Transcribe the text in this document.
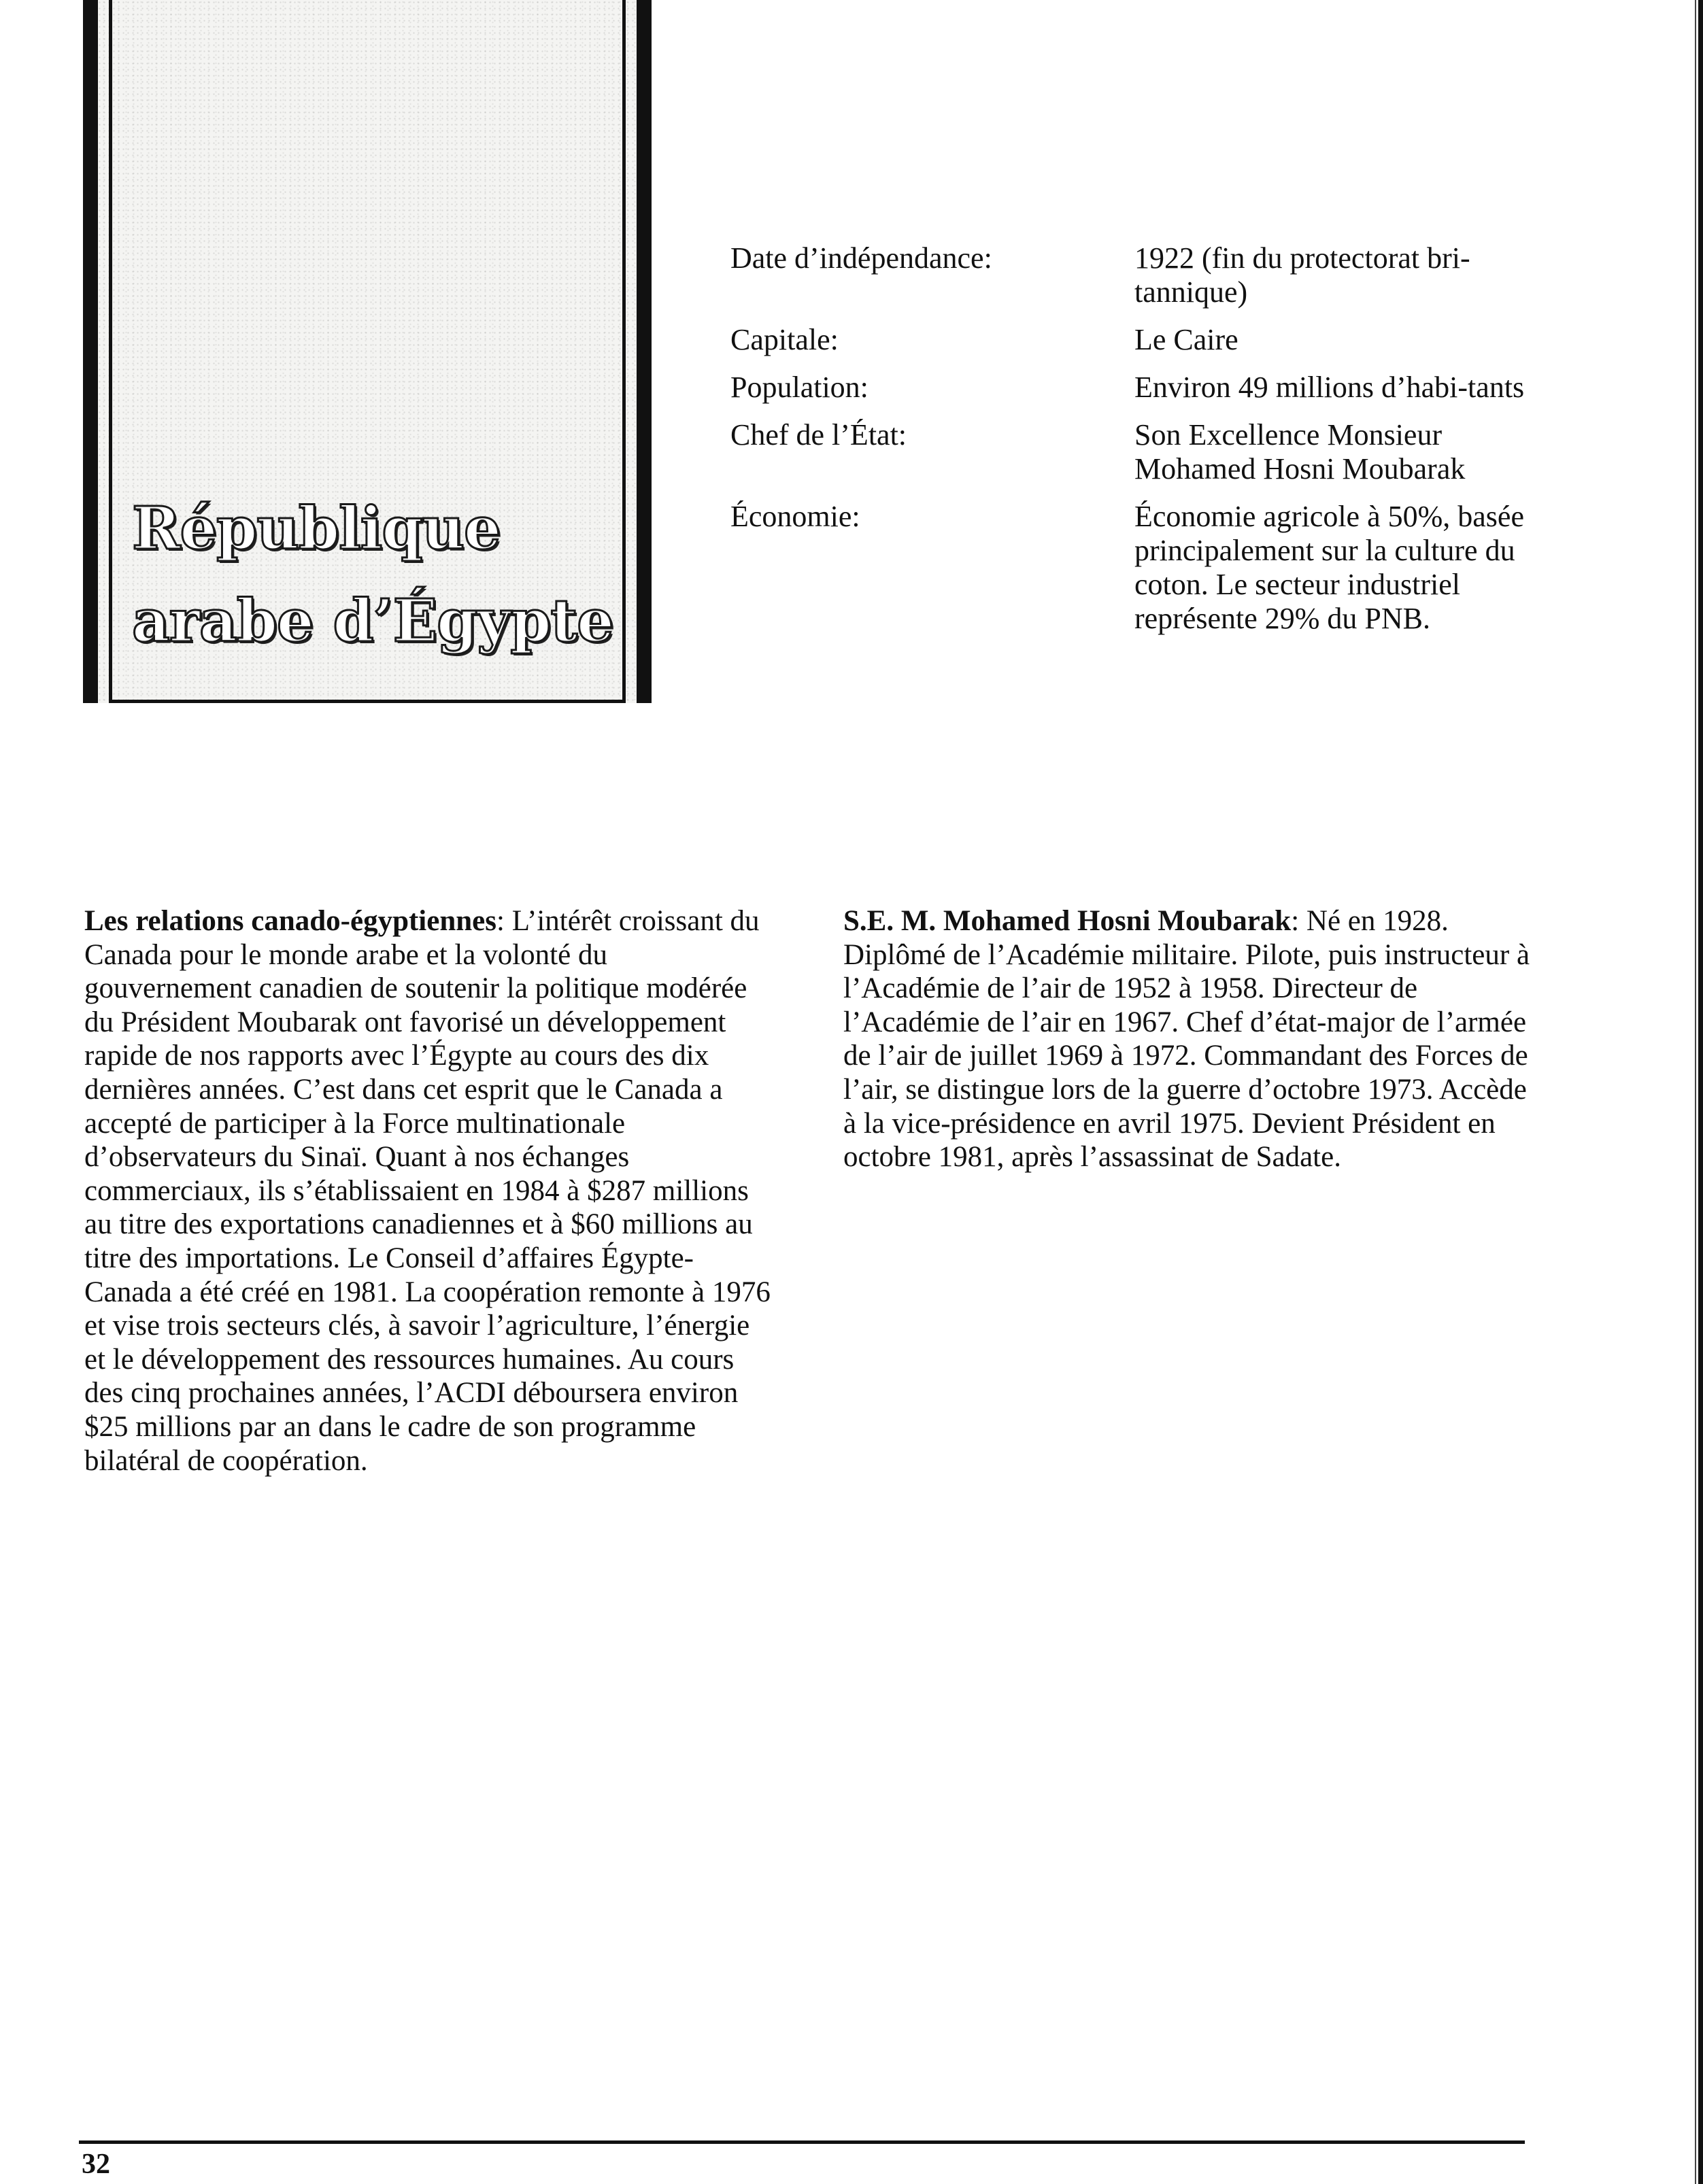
République
arabe d’Égypte
Date d’indépendance:	1922 (fin du protectorat bri-tannique)
Capitale:	Le Caire
Population:	Environ 49 millions d’habi-tants
Chef de l’État:	Son Excellence Monsieur Mohamed Hosni Moubarak
Économie:	Économie agricole à 50%, basée principalement sur la culture du coton. Le secteur industriel représente 29% du PNB.

Les relations canado-égyptiennes: L’intérêt croissant du Canada pour le monde arabe et la volonté du gouvernement canadien de soutenir la politique modérée du Président Moubarak ont favorisé un développement rapide de nos rapports avec l’Égypte au cours des dix dernières années. C’est dans cet esprit que le Canada a accepté de participer à la Force multinationale d’observateurs du Sinaï. Quant à nos échanges commerciaux, ils s’établissaient en 1984 à $287 millions au titre des exportations canadiennes et à $60 millions au titre des importations. Le Conseil d’affaires Égypte-Canada a été créé en 1981. La coopération remonte à 1976 et vise trois secteurs clés, à savoir l’agriculture, l’énergie et le développement des ressources humaines. Au cours des cinq prochaines années, l’ACDI déboursera environ $25 millions par an dans le cadre de son programme bilatéral de coopération.

S.E. M. Mohamed Hosni Moubarak: Né en 1928. Diplômé de l’Académie militaire. Pilote, puis instructeur à l’Académie de l’air de 1952 à 1958. Directeur de l’Académie de l’air en 1967. Chef d’état-major de l’armée de l’air de juillet 1969 à 1972. Commandant des Forces de l’air, se distingue lors de la guerre d’octobre 1973. Accède à la vice-présidence en avril 1975. Devient Président en octobre 1981, après l’assassinat de Sadate.

32
